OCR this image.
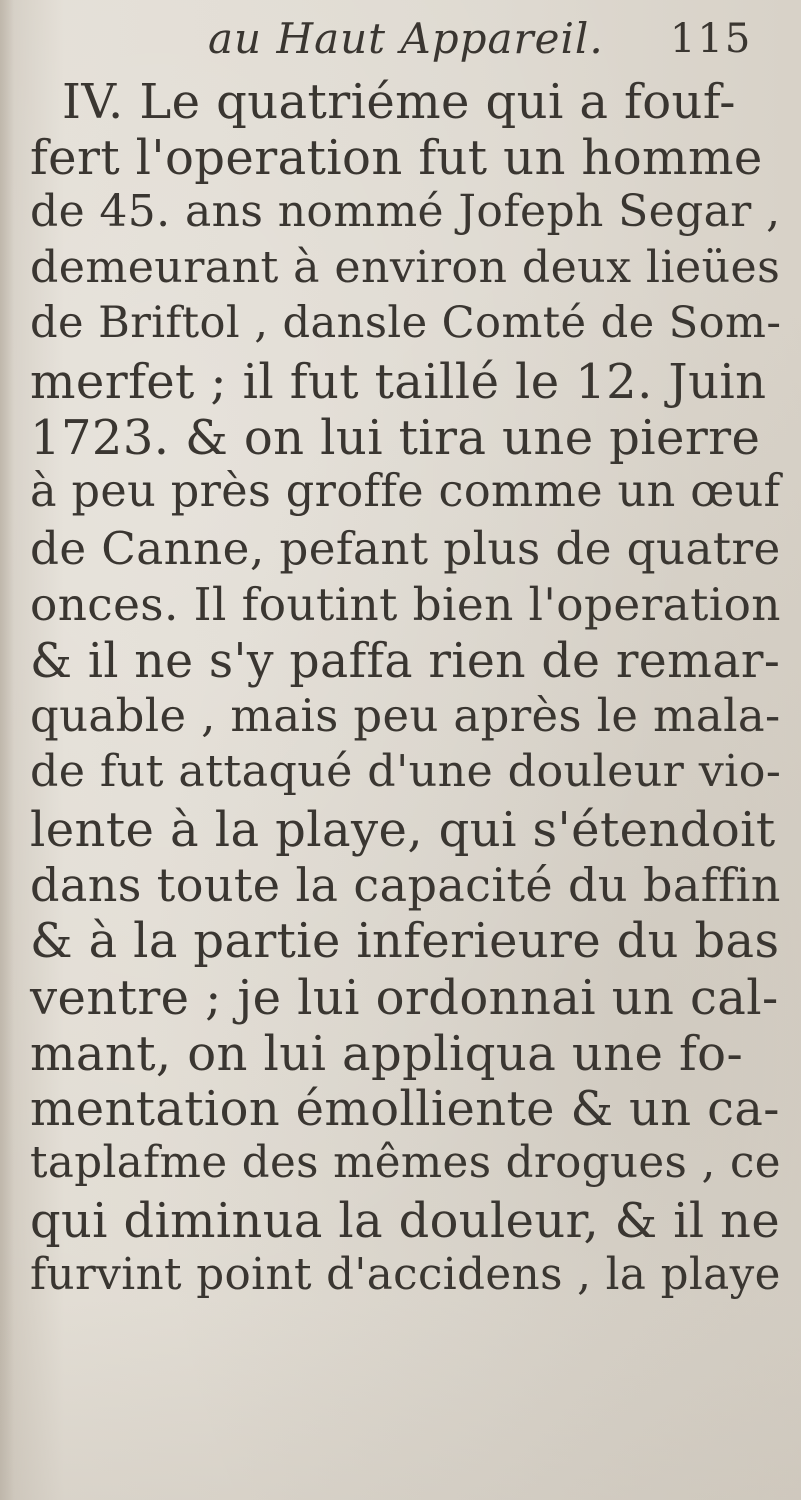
au Haut Appareil. 115
IV. Le quatriéme qui a fouf-
fert l'operation fut un homme
de 45. ans nommé Jofeph Segar ,
demeurant à environ deux lieües
de Briftol , dansle Comté de Som-
merfet ; il fut taillé le 12. Juin
1723. & on lui tira une pierre
à peu près groffe comme un œuf
de Canne, pefant plus de quatre
onces. Il foutint bien l'operation
& il ne s'y paffa rien de remar-
quable , mais peu après le mala-
de fut attaqué d'une douleur vio-
lente à la playe, qui s'étendoit
dans toute la capacité du baffin
& à la partie inferieure du bas
ventre ; je lui ordonnai un cal-
mant, on lui appliqua une fo-
mentation émolliente & un ca-
taplafme des mêmes drogues , ce
qui diminua la douleur, & il ne
furvint point d'accidens , la playe
